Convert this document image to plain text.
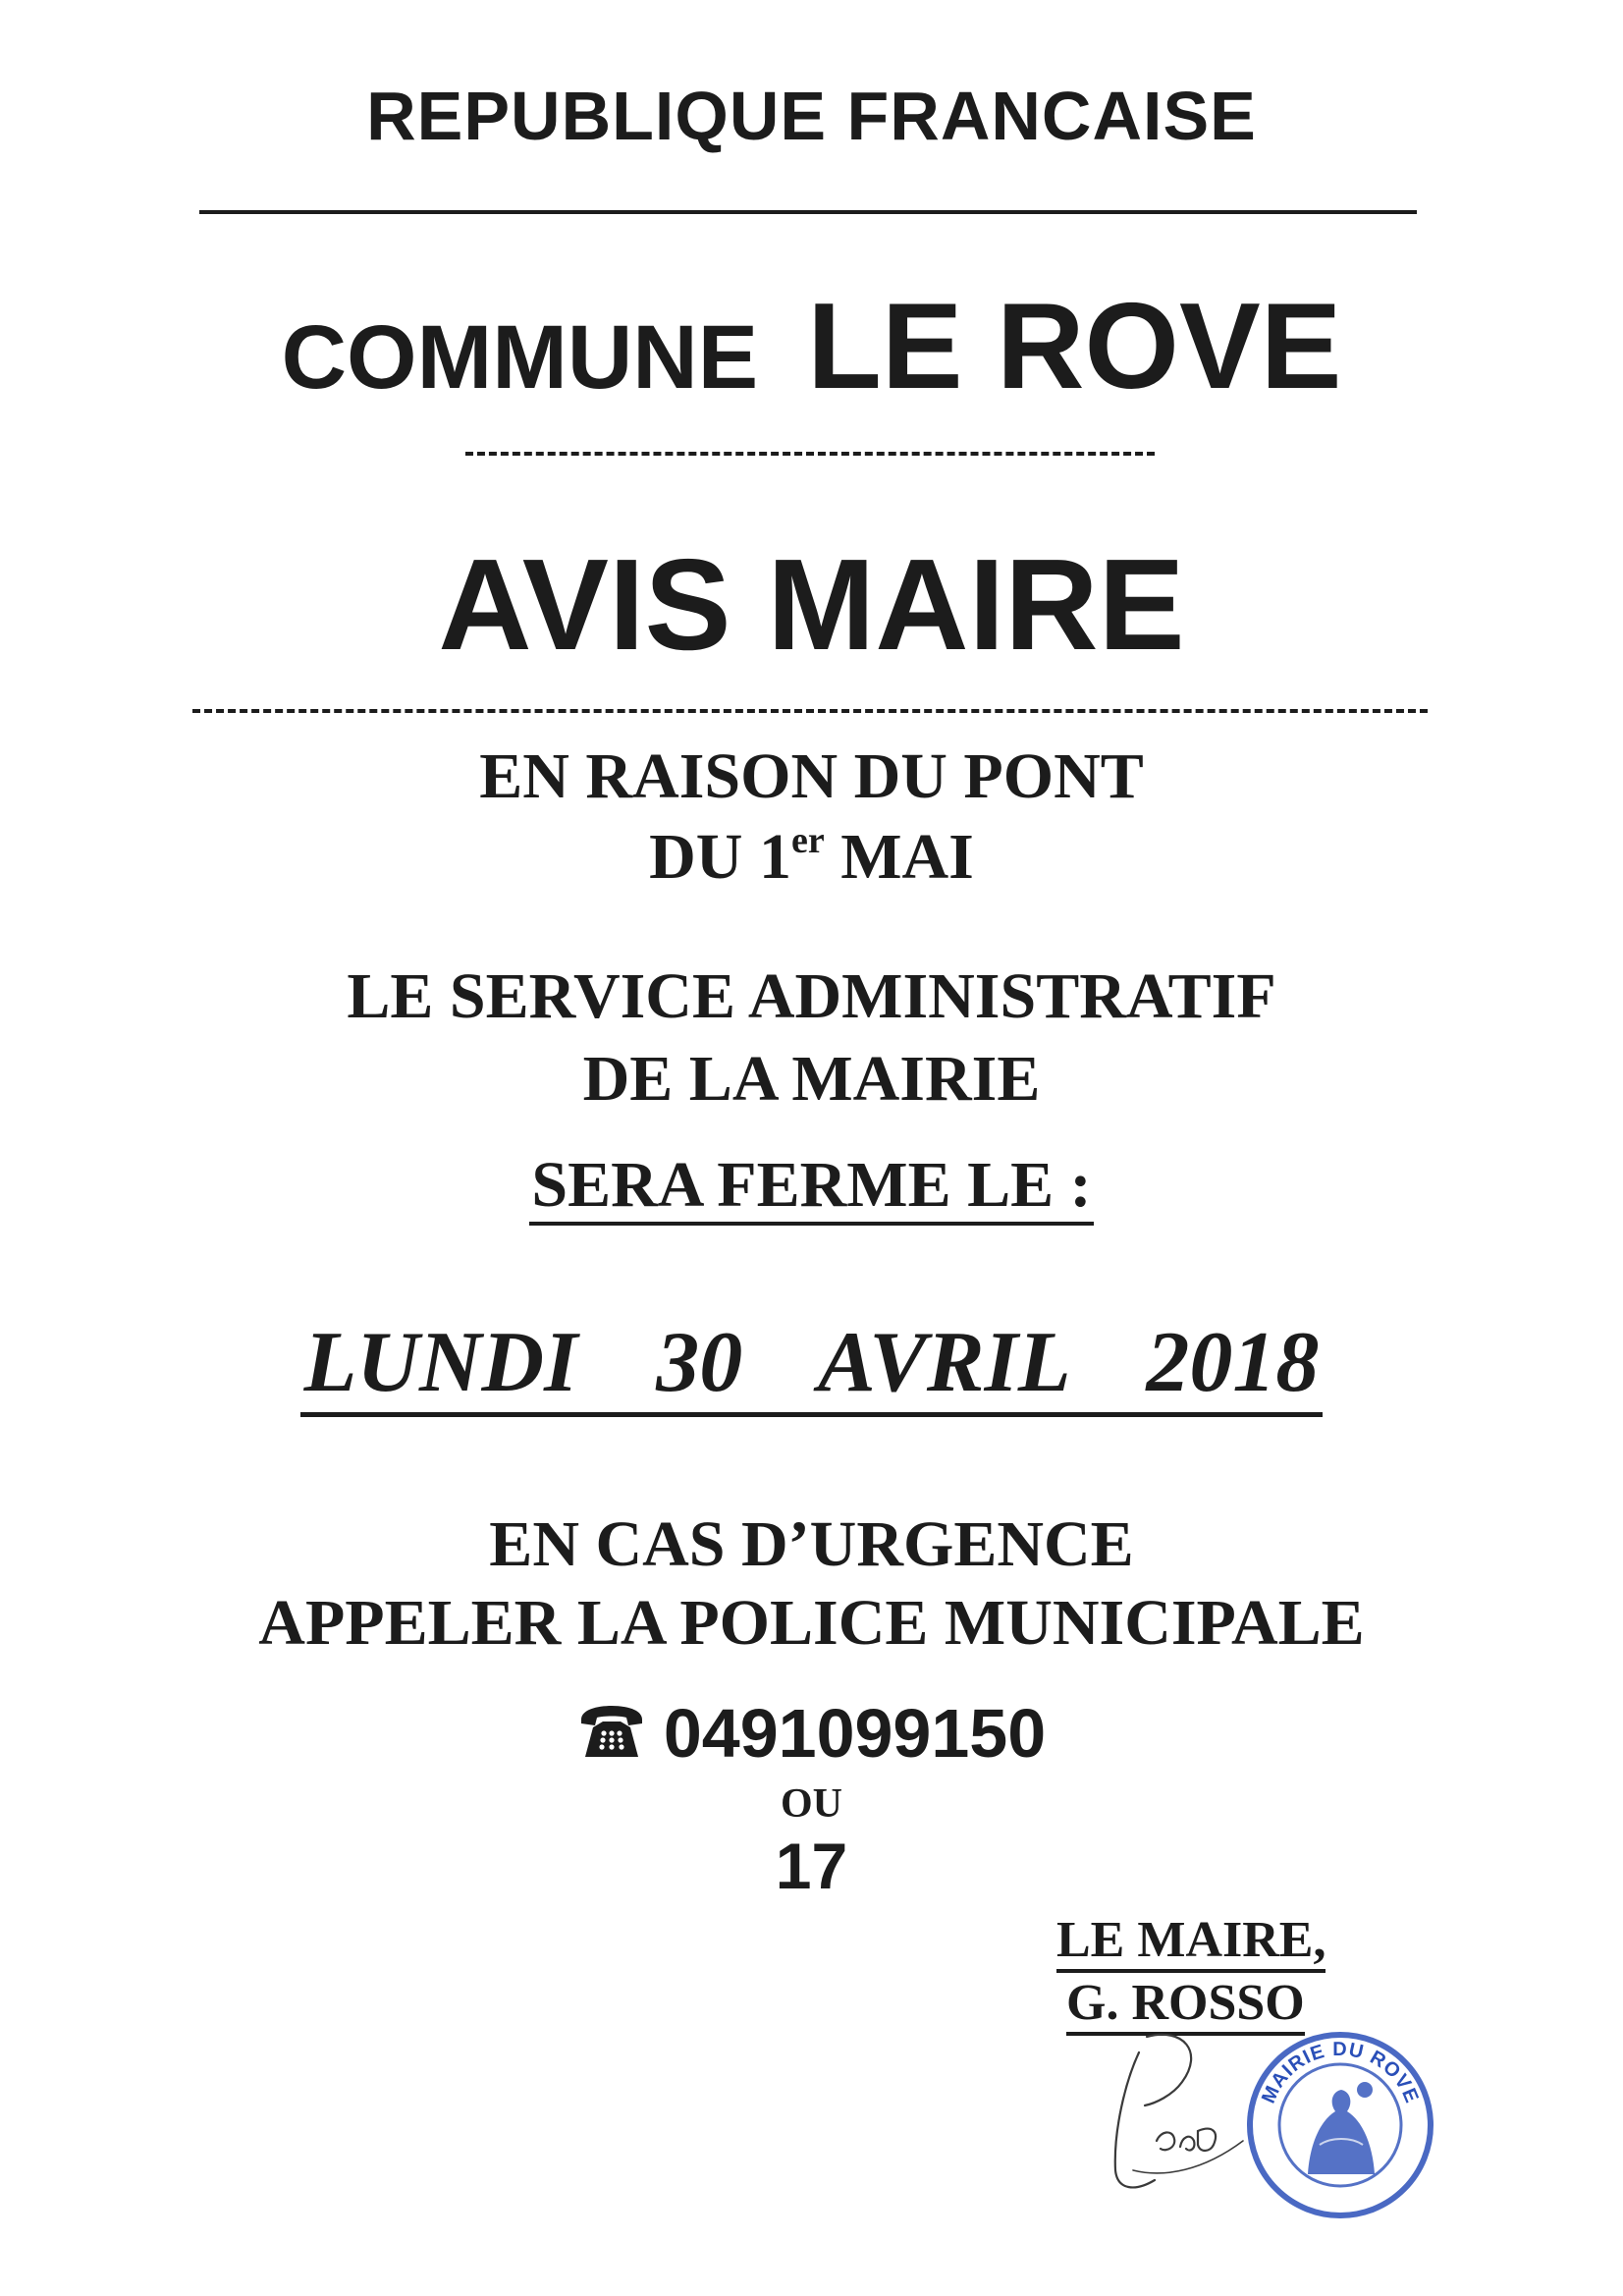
REPUBLIQUE FRANCAISE
COMMUNE LE ROVE
AVIS MAIRE
EN RAISON DU PONT
DU 1er MAI
LE SERVICE ADMINISTRATIF
DE LA MAIRIE
SERA FERME LE :
LUNDI  30  AVRIL  2018
EN CAS D’URGENCE
APPELER LA POLICE MUNICIPALE
0491099150
OU
17
LE MAIRE,
G. ROSSO
MAIRIE DU ROVE
